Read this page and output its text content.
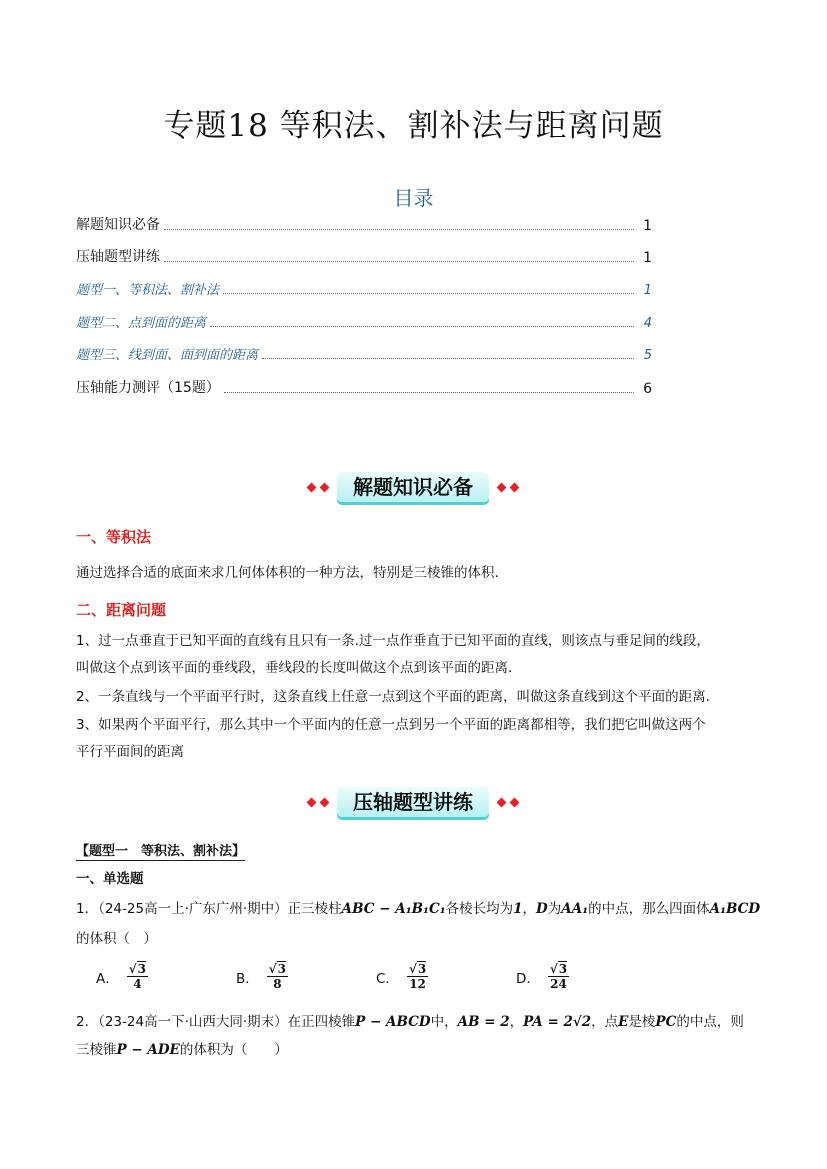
专题18 等积法、割补法与距离问题
目录
解题知识必备	1
压轴题型讲练	1
题型一、等积法、割补法	1
题型二、点到面的距离	4
题型三、线到面、面到面的距离	5
压轴能力测评（15题）	6
解题知识必备
一、等积法
通过选择合适的底面来求几何体体积的一种方法，特别是三棱锥的体积.
二、距离问题
1、过一点垂直于已知平面的直线有且只有一条.过一点作垂直于已知平面的直线，则该点与垂足间的线段，
叫做这个点到该平面的垂线段，垂线段的长度叫做这个点到该平面的距离.
2、一条直线与一个平面平行时，这条直线上任意一点到这个平面的距离，叫做这条直线到这个平面的距离.
3、如果两个平面平行，那么其中一个平面内的任意一点到另一个平面的距离都相等，我们把它叫做这两个
平行平面间的距离
压轴题型讲练
【题型一　等积法、割补法】
一、单选题
1．（24-25高一上·广东广州·期中）正三棱柱ABC − A₁B₁C₁各棱长均为1，D为AA₁的中点，那么四面体A₁BCD
的体积（　）
A． $\frac{√3}{4}$	B． $\frac{√3}{8}$	C． $\frac{√3}{12}$	D． $\frac{√3}{24}$
2．（23-24高一下·山西大同·期末）在正四棱锥P − ABCD中，AB = 2，PA = 2√2，点E是棱PC的中点，则
三棱锥P − ADE的体积为（　　）
